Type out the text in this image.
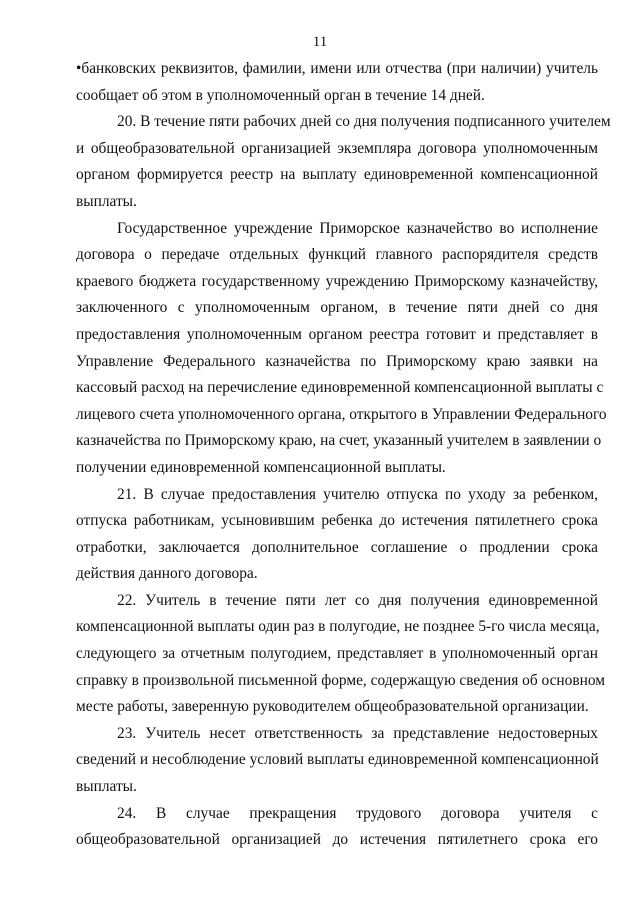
11
•банковских реквизитов, фамилии, имени или отчества (при наличии) учитель
сообщает об этом в уполномоченный орган в течение 14 дней.
20. В течение пяти рабочих дней со дня получения подписанного учителем
и общеобразовательной организацией экземпляра договора уполномоченным
органом формируется реестр на выплату единовременной компенсационной
выплаты.
Государственное учреждение Приморское казначейство во исполнение
договора о передаче отдельных функций главного распорядителя средств
краевого бюджета государственному учреждению Приморскому казначейству,
заключенного с уполномоченным органом, в течение пяти дней со дня
предоставления уполномоченным органом реестра готовит и представляет в
Управление Федерального казначейства по Приморскому краю заявки на
кассовый расход на перечисление единовременной компенсационной выплаты с
лицевого счета уполномоченного органа, открытого в Управлении Федерального
казначейства по Приморскому краю, на счет, указанный учителем в заявлении о
получении единовременной компенсационной выплаты.
21. В случае предоставления учителю отпуска по уходу за ребенком,
отпуска работникам, усыновившим ребенка до истечения пятилетнего срока
отработки, заключается дополнительное соглашение о продлении срока
действия данного договора.
22. Учитель в течение пяти лет со дня получения единовременной
компенсационной выплаты один раз в полугодие, не позднее 5-го числа месяца,
следующего за отчетным полугодием, представляет в уполномоченный орган
справку в произвольной письменной форме, содержащую сведения об основном
месте работы, заверенную руководителем общеобразовательной организации.
23. Учитель несет ответственность за представление недостоверных
сведений и несоблюдение условий выплаты единовременной компенсационной
выплаты.
24. В случае прекращения трудового договора учителя с
общеобразовательной организацией до истечения пятилетнего срока его
